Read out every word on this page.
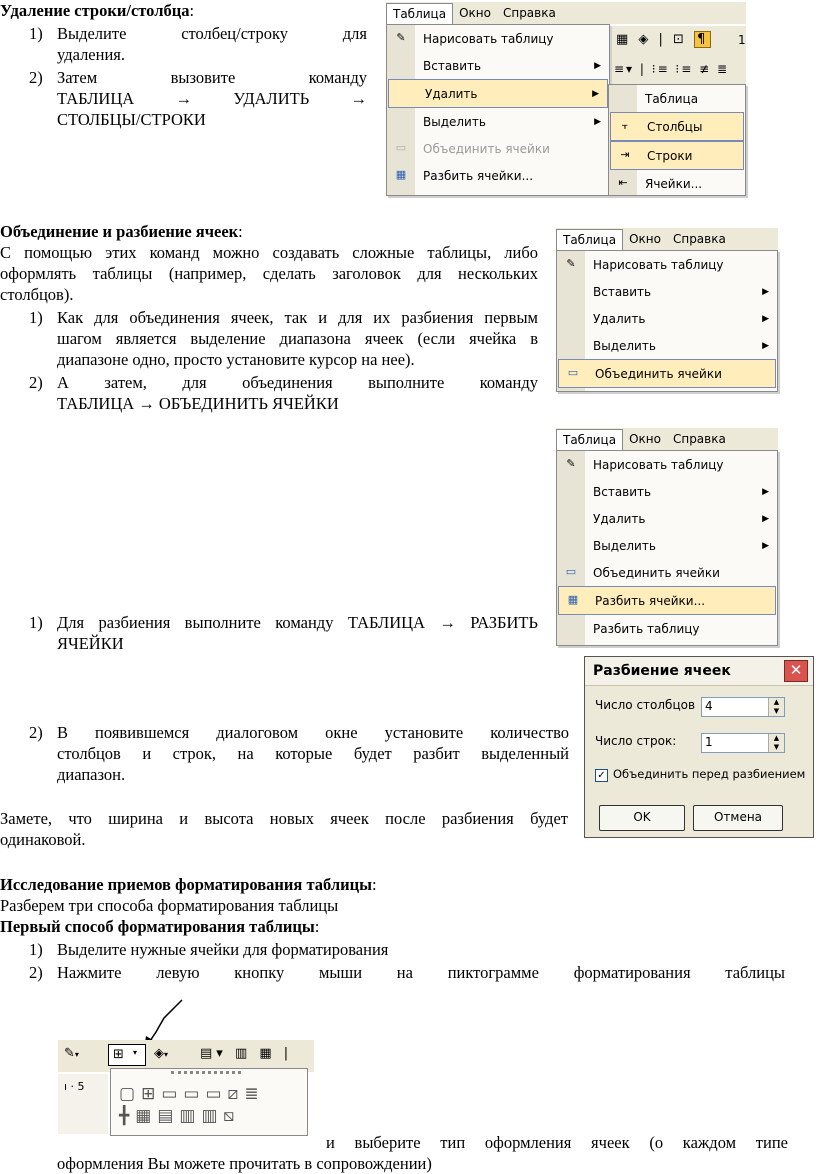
Удаление строки/столбца:
1) Выделите столбец/строку для
удаления.
2) Затем вызовите команду
ТАБЛИЦА → УДАЛИТЬ →
СТОЛБЦЫ/СТРОКИ
Таблица	Окно	Справка
▦ ◈ | ⊡ ¶ 1
≡▾ | ⁝≡ ⁝≡ ≢ ≣
✎ Нарисовать таблицу
Вставить	▶
Удалить	▶
Выделить	▶
▭ Объединить ячейки
▦ Разбить ячейки...
Таблица
⫟	Столбцы
⇥ Строки
⇤ Ячейки...
Объединение и разбиение ячеек:
С помощью этих команд можно создавать сложные таблицы, либо
оформлять таблицы (например, сделать заголовок для нескольких
столбцов).
1) Как для объединения ячеек, так и для их разбиения первым
шагом является выделение диапазона ячеек (если ячейка в
диапазоне одно, просто установите курсор на нее).
2) А затем, для объединения выполните команду
ТАБЛИЦА → ОБЪЕДИНИТЬ ЯЧЕЙКИ
Таблица	Окно	Справка
✎ Нарисовать таблицу
Вставить	▶
Удалить	▶
Выделить	▶
▭ Объединить ячейки
Таблица	Окно	Справка
✎ Нарисовать таблицу
Вставить	▶
Удалить	▶
Выделить	▶
▭ Объединить ячейки
▦ Разбить ячейки...
Разбить таблицу
1) Для разбиения выполните команду ТАБЛИЦА → РАЗБИТЬ
ЯЧЕЙКИ
Разбиение ячеек	✕
Число столбцов 4	▲
▼
Число строк: 1	▲
▼
✓ Объединить перед разбиением
OK	Отмена
2) В появившемся диалоговом окне установите количество
столбцов и строк, на которые будет разбит выделенный
диапазон.
Замете, что ширина и высота новых ячеек после разбиения будет
одинаковой.
Исследование приемов форматирования таблицы:
Разберем три способа форматирования таблицы
Первый способ форматирования таблицы:
1) Выделите нужные ячейки для форматирования
2) Нажмите левую кнопку мыши на пиктограмме форматирования таблицы
✎▾	⊞ ▾ ◈▾ ▤▾ ▥ ▦ |
ı · 5 ▢⊞▭▭▭⧄≣
╋▦▤▥▥⧅
и выберите тип оформления ячеек (о каждом типе
оформления Вы можете прочитать в сопровождении)
